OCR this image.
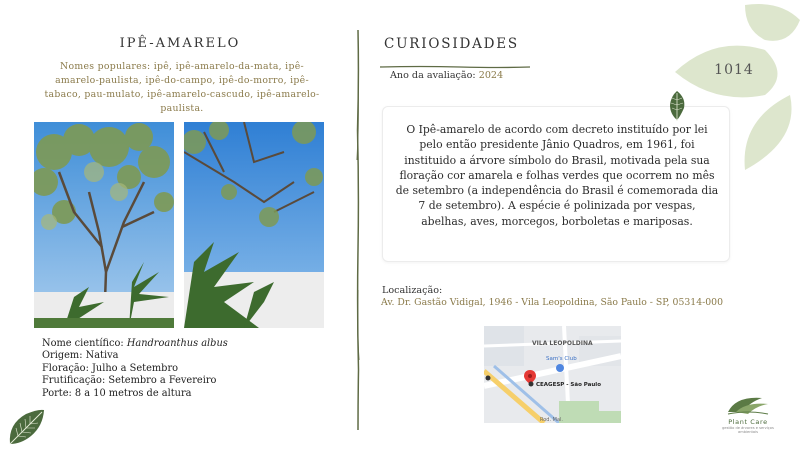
IPÊ-AMARELO
Nomes populares: ipê, ipê-amarelo-da-mata, ipê-amarelo-paulista, ipê-do-campo, ipê-do-morro, ipê-tabaco, pau-mulato, ipê-amarelo-cascudo, ipê-amarelo-paulista.
Nome científico: Handroanthus albus
Origem: Nativa
Floração: Julho a Setembro
Frutificação: Setembro a Fevereiro
Porte: 8 a 10 metros de altura
CURIOSIDADES
Ano da avaliação: 2024
O Ipê-amarelo de acordo com decreto instituído por lei pelo então presidente Jânio Quadros, em 1961, foi instituido a árvore símbolo do Brasil, motivada pela sua floração cor amarela e folhas verdes que ocorrem no mês de setembro (a independência do Brasil é comemorada dia 7 de setembro). A espécie é polinizada por vespas, abelhas, aves, morcegos, borboletas e mariposas.
Localização:
Av. Dr. Gastão Vidigal, 1946 - Vila Leopoldina, São Paulo - SP, 05314-000
VILA LEOPOLDINA
Sam's Club
CEAGESP - São Paulo
Rod. Mal.
1014
Plant Care
gestão de árvores e serviços ambientais
